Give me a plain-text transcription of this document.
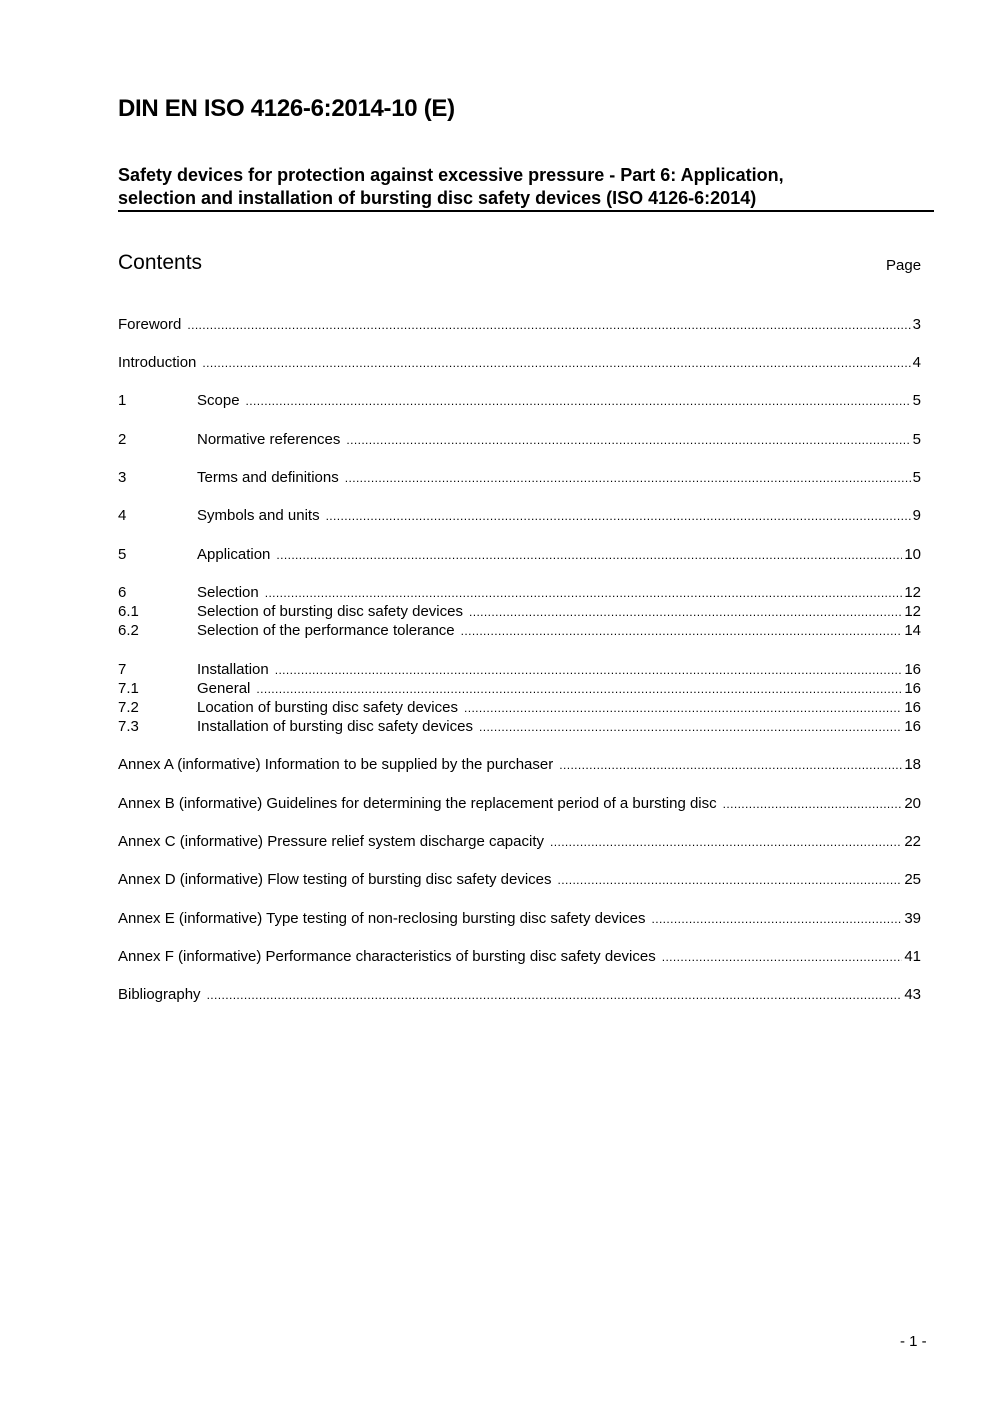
DIN EN ISO 4126-6:2014-10 (E)
Safety devices for protection against excessive pressure - Part 6: Application,
selection and installation of bursting disc safety devices (ISO 4126-6:2014)
Contents	Page
Foreword .....	3
Introduction .....	4
1	Scope .....	5
2	Normative references .....	5
3	Terms and definitions .....	5
4	Symbols and units .....	9
5	Application .....	10
6	Selection .....	12
6.1	Selection of bursting disc safety devices .....	12
6.2	Selection of the performance tolerance .....	14
7	Installation .....	16
7.1	General .....	16
7.2	Location of bursting disc safety devices .....	16
7.3	Installation of bursting disc safety devices .....	16
Annex A (informative) Information to be supplied by the purchaser .....	18
Annex B (informative) Guidelines for determining the replacement period of a bursting disc .....	20
Annex C (informative) Pressure relief system discharge capacity .....	22
Annex D (informative) Flow testing of bursting disc safety devices .....	25
Annex E (informative) Type testing of non-reclosing bursting disc safety devices .....	39
Annex F (informative) Performance characteristics of bursting disc safety devices .....	41
Bibliography .....	43
- 1 -
